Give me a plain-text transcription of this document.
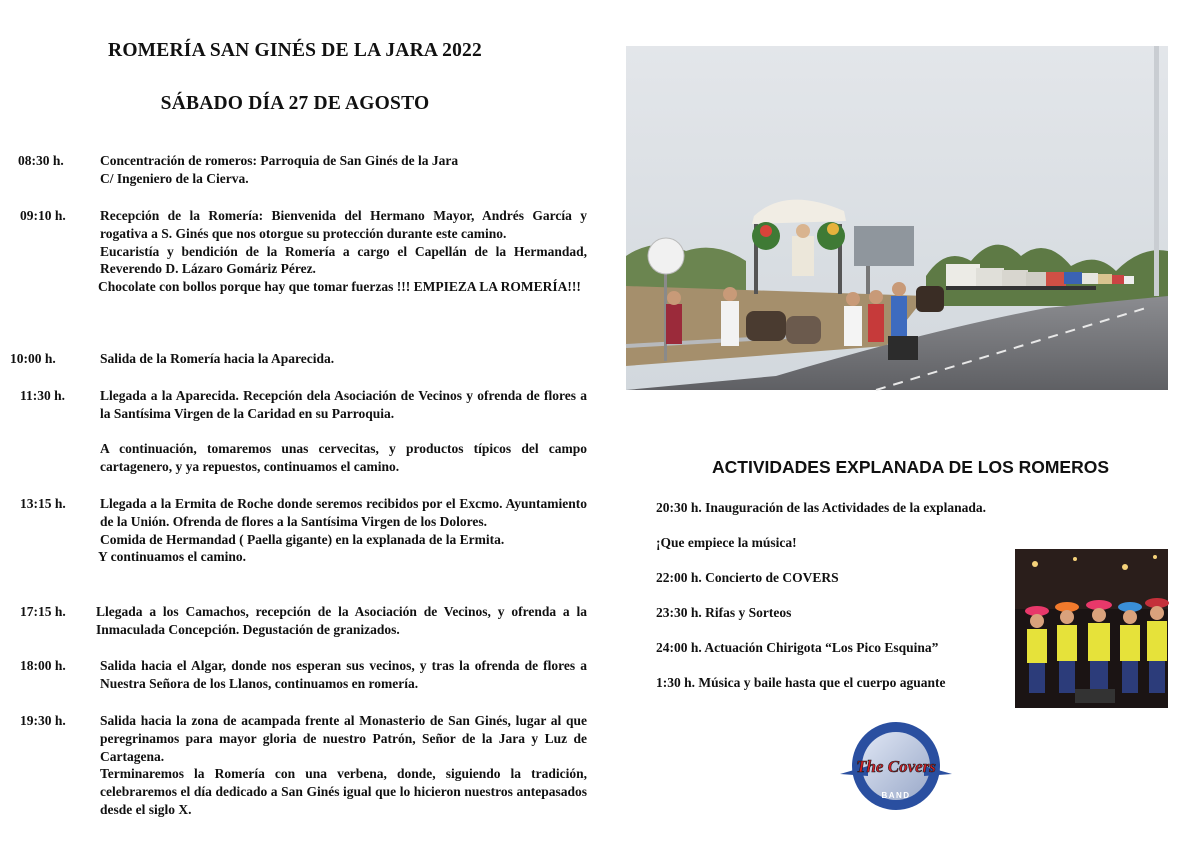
ROMERÍA SAN GINÉS DE LA JARA 2022
SÁBADO DÍA 27 DE AGOSTO
08:30 h.	Concentración de romeros: Parroquia de San Ginés de la Jara

C/ Ingeniero de la Cierva.

09:10 h.	Recepción de la Romería: Bienvenida del Hermano Mayor, Andrés García y rogativa a S. Ginés que nos otorgue su protección durante este camino.

Eucaristía y bendición de la Romería a cargo el Capellán de la Hermandad, Reverendo D. Lázaro Gomáriz Pérez.

Chocolate con bollos porque hay que tomar fuerzas !!! EMPIEZA LA ROMERÍA!!!

10:00 h.	Salida de la Romería hacia la Aparecida.

11:30 h.	Llegada a la Aparecida. Recepción dela Asociación de Vecinos y ofrenda de flores a la Santísima Virgen de la Caridad en su Parroquia.

A continuación, tomaremos unas cervecitas, y productos típicos del campo cartagenero, y ya repuestos, continuamos el camino.

13:15 h.	Llegada a la Ermita de Roche donde seremos recibidos por el Excmo. Ayuntamiento de la Unión. Ofrenda de flores a la Santísima Virgen de los Dolores.

Comida de Hermandad ( Paella gigante) en la explanada de la Ermita.

Y continuamos el camino.

17:15 h. Llegada a los Camachos, recepción de la Asociación de Vecinos, y ofrenda a la Inmaculada Concepción. Degustación de granizados.

18:00 h.	Salida hacia el Algar, donde nos esperan sus vecinos, y tras la ofrenda de flores a Nuestra Señora de los Llanos, continuamos en romería.

19:30 h.	Salida hacia la zona de acampada frente al Monasterio de San Ginés, lugar al que peregrinamos para mayor gloria de nuestro Patrón, Señor de la Jara y Luz de Cartagena.

Terminaremos la Romería con una verbena, donde, siguiendo la tradición, celebraremos el día dedicado a San Ginés igual que lo hicieron nuestros antepasados desde el siglo X.

ACTIVIDADES EXPLANADA DE LOS ROMEROS

20:30 h. Inauguración de las Actividades de la explanada.

¡Que empiece la música!

22:00 h. Concierto de COVERS

23:30 h. Rifas y Sorteos

24:00 h. Actuación Chirigota “Los Pico Esquina”

1:30 h. Música y baile hasta que el cuerpo aguante

LIVE MUSIC
The Covers
BAND
